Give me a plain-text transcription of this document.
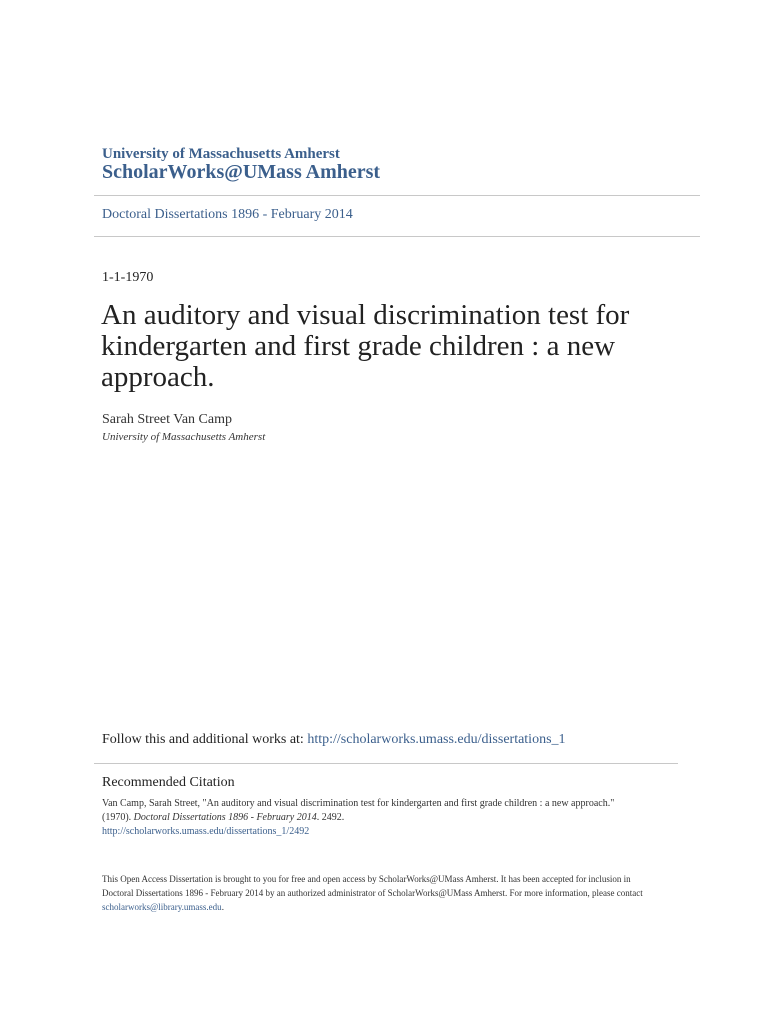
University of Massachusetts Amherst
ScholarWorks@UMass Amherst
Doctoral Dissertations 1896 - February 2014
1-1-1970
An auditory and visual discrimination test for
kindergarten and first grade children : a new
approach.
Sarah Street Van Camp
University of Massachusetts Amherst
Follow this and additional works at: http://scholarworks.umass.edu/dissertations_1
Recommended Citation
Van Camp, Sarah Street, "An auditory and visual discrimination test for kindergarten and first grade children : a new approach."
(1970). Doctoral Dissertations 1896 - February 2014. 2492.
http://scholarworks.umass.edu/dissertations_1/2492
This Open Access Dissertation is brought to you for free and open access by ScholarWorks@UMass Amherst. It has been accepted for inclusion in
Doctoral Dissertations 1896 - February 2014 by an authorized administrator of ScholarWorks@UMass Amherst. For more information, please contact
scholarworks@library.umass.edu.
